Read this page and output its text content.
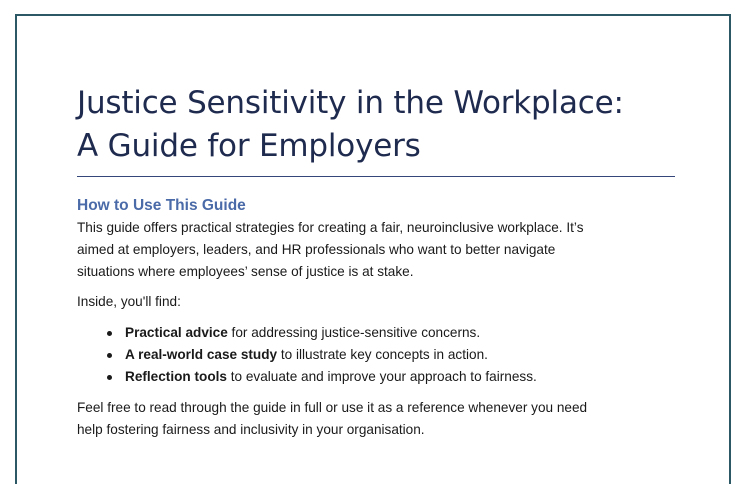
Justice Sensitivity in the Workplace:
A Guide for Employers
How to Use This Guide

This guide offers practical strategies for creating a fair, neuroinclusive workplace. It’s
aimed at employers, leaders, and HR professionals who want to better navigate
situations where employees’ sense of justice is at stake.

Inside, you'll find:

Practical advice for addressing justice-sensitive concerns.
A real-world case study to illustrate key concepts in action.
Reflection tools to evaluate and improve your approach to fairness.

Feel free to read through the guide in full or use it as a reference whenever you need
help fostering fairness and inclusivity in your organisation.
